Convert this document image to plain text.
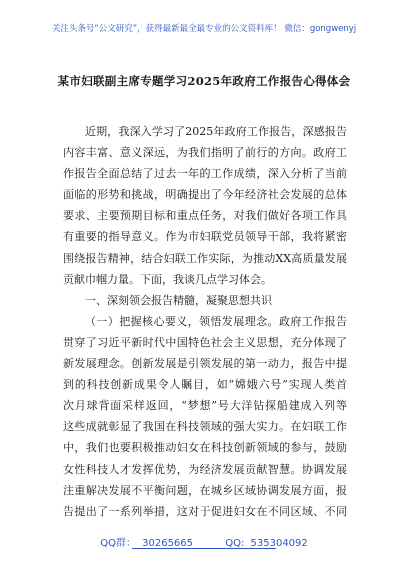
关注头条号“公文研究”，获得最新最全最专业的公文资料库！ 微信：gongwenyj
某市妇联副主席专题学习2025年政府工作报告心得体会
近期，我深入学习了2025年政府工作报告，深感报告
内容丰富、意义深远，为我们指明了前行的方向。政府工
作报告全面总结了过去一年的工作成绩，深入分析了当前
面临的形势和挑战，明确提出了今年经济社会发展的总体
要求、主要预期目标和重点任务，对我们做好各项工作具
有重要的指导意义。作为市妇联党员领导干部，我将紧密
围绕报告精神，结合妇联工作实际，为推动XX高质量发展
贡献巾帼力量。下面，我谈几点学习体会。
一、深刻领会报告精髓，凝聚思想共识
（一）把握核心要义，领悟发展理念。政府工作报告
贯穿了习近平新时代中国特色社会主义思想，充分体现了
新发展理念。创新发展是引领发展的第一动力，报告中提
到的科技创新成果令人瞩目，如“嫦娥六号”实现人类首
次月球背面采样返回，“梦想”号大洋钻探船建成入列等
这些成就彰显了我国在科技领域的强大实力。在妇联工作
中，我们也要积极推动妇女在科技创新领域的参与，鼓励
女性科技人才发挥优势，为经济发展贡献智慧。协调发展
注重解决发展不平衡问题，在城乡区域协调发展方面，报
告提出了一系列举措，这对于促进妇女在不同区域、不同
QQ群： 30265665	QQ: 535304092
